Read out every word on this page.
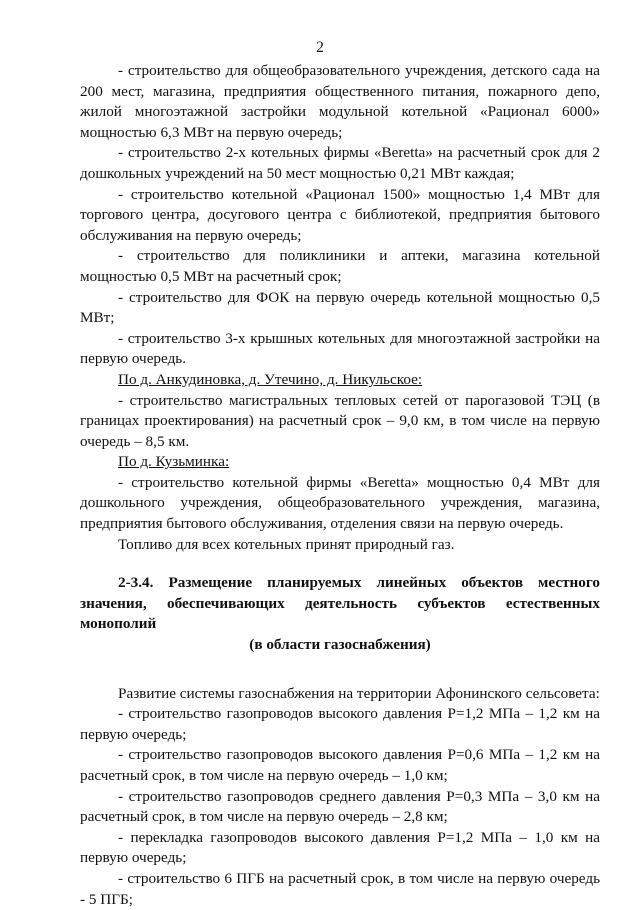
2

- строительство для общеобразовательного учреждения, детского сада на 200 мест, магазина, предприятия общественного питания, пожарного депо, жилой многоэтажной застройки модульной котельной «Рационал 6000» мощностью 6,3 МВт на первую очередь;

- строительство 2-х котельных фирмы «Beretta» на расчетный срок для 2 дошкольных учреждений на 50 мест мощностью 0,21 МВт каждая;

- строительство котельной «Рационал 1500» мощностью 1,4 МВт для торгового центра, досугового центра с библиотекой, предприятия бытового обслуживания на первую очередь;

- строительство для поликлиники и аптеки, магазина котельной мощностью 0,5 МВт на расчетный срок;

- строительство для ФОК на первую очередь котельной мощностью 0,5 МВт;

- строительство 3-х крышных котельных для многоэтажной застройки на первую очередь.

По д. Анкудиновка, д. Утечино, д. Никульское:

- строительство магистральных тепловых сетей от парогазовой ТЭЦ (в границах проектирования) на расчетный срок – 9,0 км, в том числе на первую очередь – 8,5 км.

По д. Кузьминка:

- строительство котельной фирмы «Beretta» мощностью 0,4 МВт для дошкольного учреждения, общеобразовательного учреждения, магазина, предприятия бытового обслуживания, отделения связи на первую очередь.

Топливо для всех котельных принят природный газ.

2-3.4. Размещение планируемых линейных объектов местного значения, обеспечивающих деятельность субъектов естественных монополий

(в области газоснабжения)

Развитие системы газоснабжения на территории Афонинского сельсовета:

- строительство газопроводов высокого давления Р=1,2 МПа – 1,2 км на первую очередь;

- строительство газопроводов высокого давления Р=0,6 МПа – 1,2 км на расчетный срок, в том числе на первую очередь – 1,0 км;

- строительство газопроводов среднего давления Р=0,3 МПа – 3,0 км на расчетный срок, в том числе на первую очередь – 2,8 км;

- перекладка газопроводов высокого давления Р=1,2 МПа – 1,0 км на первую очередь;

- строительство 6 ПГБ на расчетный срок, в том числе на первую очередь - 5 ПГБ;
